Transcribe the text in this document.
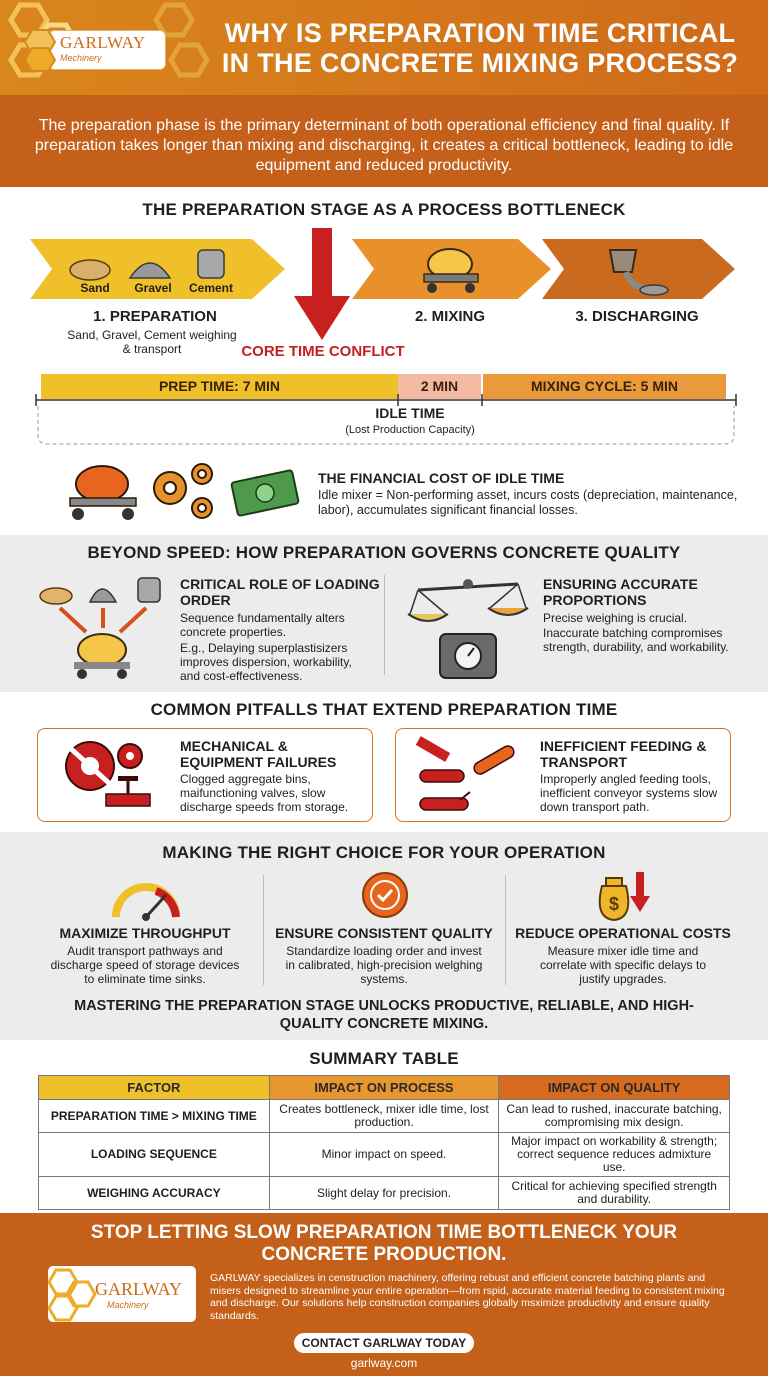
GARLWAY
Mechinery
WHY IS PREPARATION TIME CRITICAL IN THE CONCRETE MIXING PROCESS?
The preparation phase is the primary determinant of both operational efficiency and final quality. If preparation takes longer than mixing and discharging, it creates a critical bottleneck, leading to idle equipment and reduced productivity.
THE PREPARATION STAGE AS A PROCESS BOTTLENECK
Sand	Gravel	Cement
1. PREPARATION
Sand, Gravel, Cement weighing & transport
2. MIXING	3. DISCHARGING
CORE TIME CONFLICT
PREP TIME: 7 MIN	2 MIN	MIXING CYCLE: 5 MIN
IDLE TIME
(Lost Production Capacity)
THE FINANCIAL COST OF IDLE TIME
Idle mixer = Non-performing asset, incurs costs (depreciation, maintenance, labor), accumulates significant financial losses.
BEYOND SPEED: HOW PREPARATION GOVERNS CONCRETE QUALITY
CRITICAL ROLE OF LOADING ORDER
Sequence fundamentally alters concrete properties.
E.g., Delaying superplastisizers improves dispersion, workability, and cost-effectiveness.
ENSURING ACCURATE PROPORTIONS
Precise weighing is crucial.
Inaccurate batching compromises strength, durability, and workability.
COMMON PITFALLS THAT EXTEND PREPARATION TIME
MECHANICAL & EQUIPMENT FAILURES
Clogged aggregate bins, maifunctioning valves, slow discharge speeds from storage.
INEFFICIENT FEEDING & TRANSPORT
Improperly angled feeding tools, inefficient conveyor systems slow down transport path.
MAKING THE RIGHT CHOICE FOR YOUR OPERATION
$
MAXIMIZE THROUGHPUT
Audit transport pathways and discharge speed of storage devices to eliminate time sinks.
ENSURE CONSISTENT QUALITY
Standardize loading order and invest in calibrated, high-precision welghing systems.
REDUCE OPERATIONAL COSTS
Measure mixer idle time and correlate with specific delays to justify upgrades.
MASTERING THE PREPARATION STAGE UNLOCKS PRODUCTIVE, RELIABLE, AND HIGH-QUALITY CONCRETE MIXING.
SUMMARY TABLE
FACTOR	IMPACT ON PROCESS	IMPACT ON QUALITY
PREPARATION TIME > MIXING TIME	Creates bottleneck, mixer idle time, lost production.	Can lead to rushed, inaccurate batching, compromising mix design.
LOADING SEQUENCE	Minor impact on speed.	Major impact on workability & strength; correct sequence reduces admixture use.
WEIGHING ACCURACY	Slight delay for precision.	Critical for achieving specified strength and durability.
STOP LETTING SLOW PREPARATION TIME BOTTLENECK YOUR CONCRETE PRODUCTION.
GARLWAY
Machinery
GARLWAY specializes in censtruction machinery, offering rebust and efficient concrete batching plants and misers designed to streamline your entire operation—from rspid, accurate material feeding to consistent mixing and discharge. Our solutions help construction companies globally msximize productivity and ensure quality standards.
CONTACT GARLWAY TODAY
garlway.com
